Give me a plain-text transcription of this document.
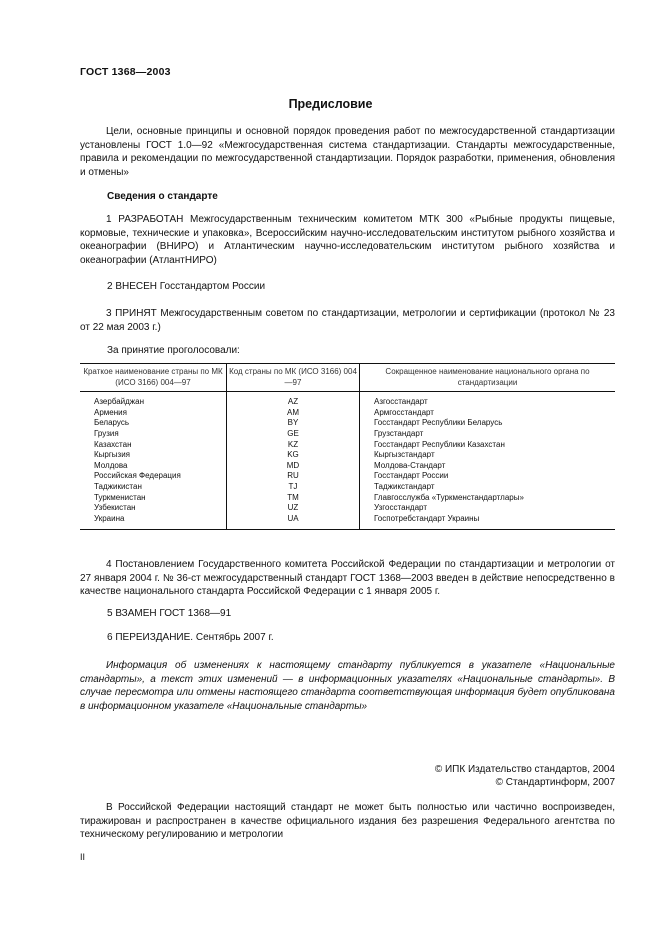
ГОСТ 1368—2003
Предисловие
Цели, основные принципы и основной порядок проведения работ по межгосударственной стандартизации установлены ГОСТ 1.0—92 «Межгосударственная система стандартизации. Стандарты межгосударственные, правила и рекомендации по межгосударственной стандартизации. Порядок разработки, применения, обновления и отмены»
Сведения о стандарте
1 РАЗРАБОТАН Межгосударственным техническим комитетом МТК 300 «Рыбные продукты пищевые, кормовые, технические и упаковка», Всероссийским научно-исследовательским институтом рыбного хозяйства и океанографии (ВНИРО) и Атлантическим научно-исследовательским институтом рыбного хозяйства и океанографии (АтлантНИРО)
2 ВНЕСЕН Госстандартом России
3 ПРИНЯТ Межгосударственным советом по стандартизации, метрологии и сертификации (протокол № 23 от 22 мая 2003 г.)
За принятие проголосовали:
Краткое наименование страны по МК (ИСО 3166) 004—97	Код страны по МК (ИСО 3166) 004—97	Сокращенное наименование национального органа по стандартизации

Азербайджан	AZ	Азгосстандарт
Армения	AM	Армгосстандарт
Беларусь	BY	Госстандарт Республики Беларусь
Грузия	GE	Грузстандарт
Казахстан	KZ	Госстандарт Республики Казахстан
Кыргызия	KG	Кыргызстандарт
Молдова	MD	Молдова-Стандарт
Российская Федерация	RU	Госстандарт России
Таджикистан	TJ	Таджикстандарт
Туркменистан	TM	Главгосслужба «Туркменстандартлары»
Узбекистан	UZ	Узгосстандарт
Украина	UA	Госпотребстандарт Украины

4 Постановлением Государственного комитета Российской Федерации по стандартизации и метрологии от 27 января 2004 г. № 36-ст межгосударственный стандарт ГОСТ 1368—2003 введен в действие непосредственно в качестве национального стандарта Российской Федерации с 1 января 2005 г.
5 ВЗАМЕН ГОСТ 1368—91
6 ПЕРЕИЗДАНИЕ. Сентябрь 2007 г.
Информация об изменениях к настоящему стандарту публикуется в указателе «Национальные стандарты», а текст этих изменений — в информационных указателях «Национальные стандарты». В случае пересмотра или отмены настоящего стандарта соответствующая информация будет опубликована в информационном указателе «Национальные стандарты»
© ИПК Издательство стандартов, 2004
© Стандартинформ, 2007
В Российской Федерации настоящий стандарт не может быть полностью или частично воспроизведен, тиражирован и распространен в качестве официального издания без разрешения Федерального агентства по техническому регулированию и метрологии
II
